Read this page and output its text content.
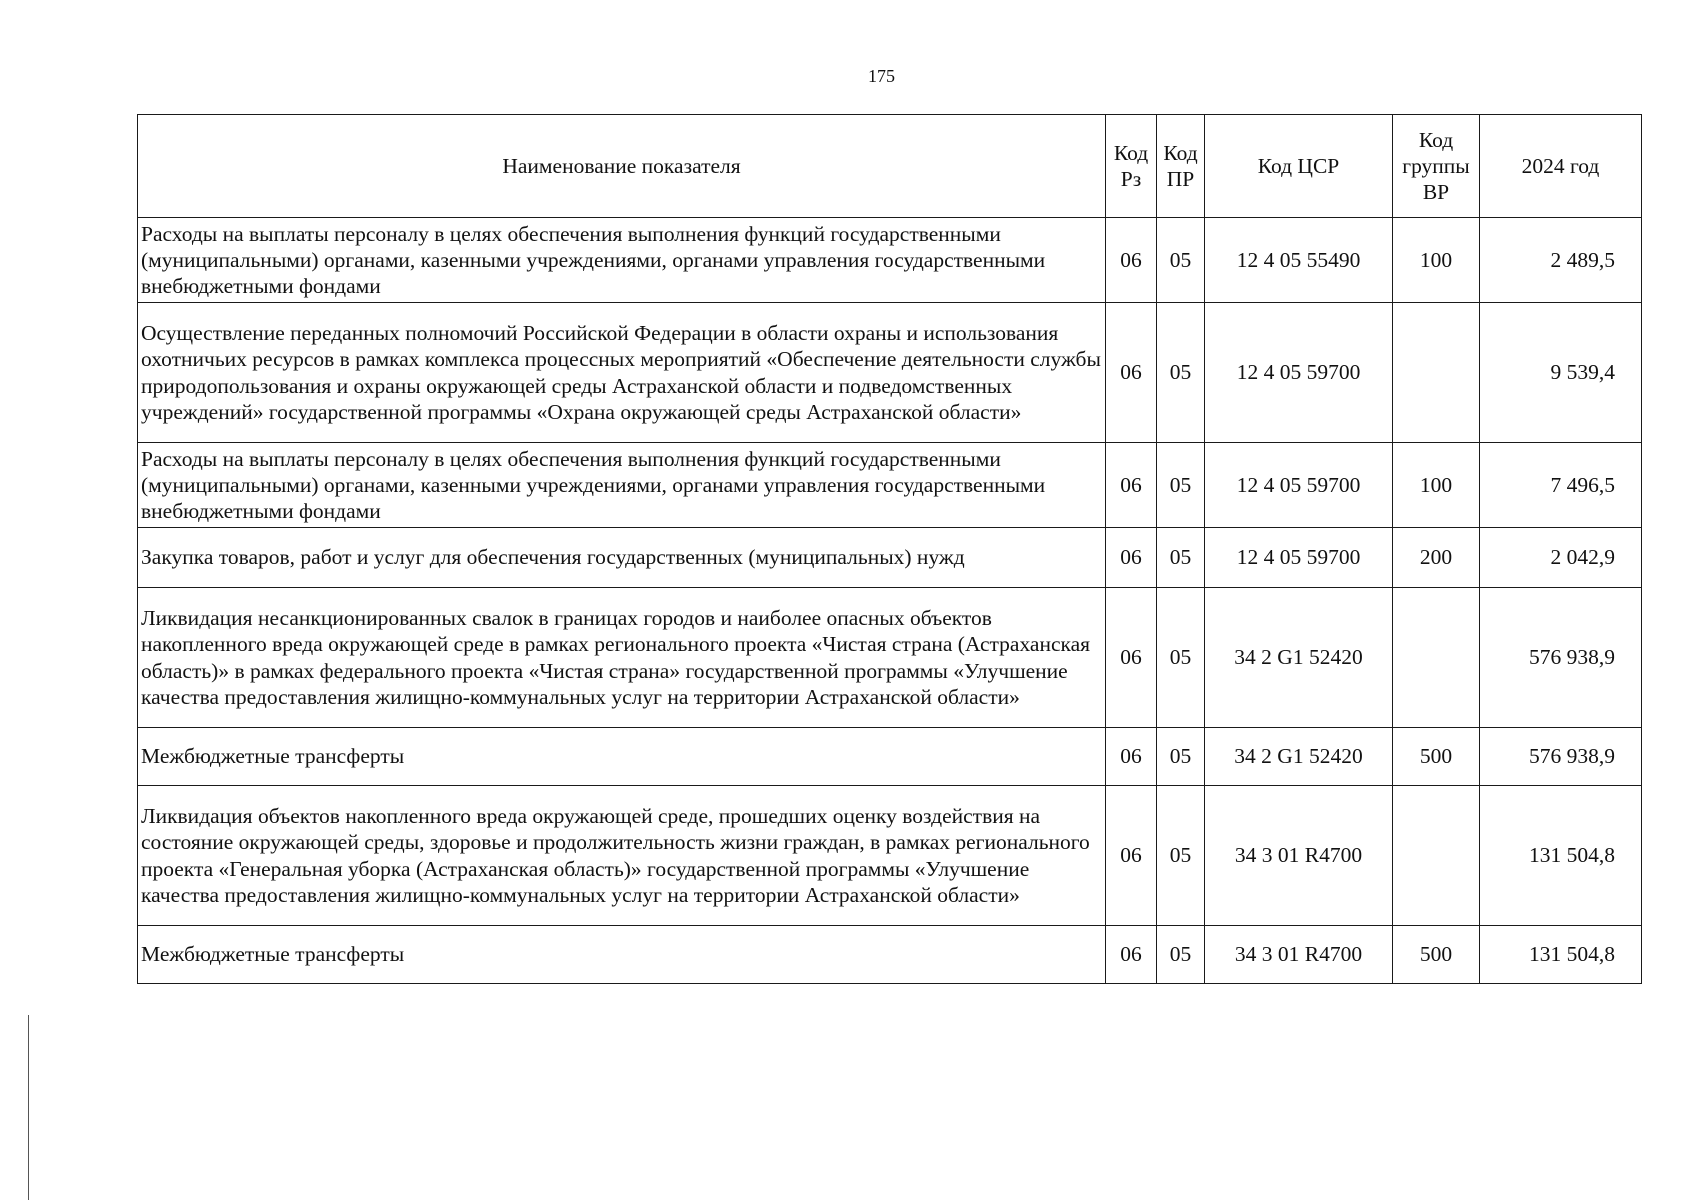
175
Наименование показателя	Код Рз	Код ПР	Код ЦСР	Код группы ВР	2024 год
Расходы на выплаты персоналу в целях обеспечения выполнения функций государственными (муниципальными) органами, казенными учреждениями, органами управления государственными внебюджетными фондами	06	05	12 4 05 55490	100	2 489,5
Осуществление переданных полномочий Российской Федерации в области охраны и использования охотничьих ресурсов в рамках комплекса процессных мероприятий «Обеспечение деятельности службы природопользования и охраны окружающей среды Астраханской области и подведомственных учреждений» государственной программы «Охрана окружающей среды Астраханской области»	06	05	12 4 05 59700		9 539,4
Расходы на выплаты персоналу в целях обеспечения выполнения функций государственными (муниципальными) органами, казенными учреждениями, органами управления государственными внебюджетными фондами	06	05	12 4 05 59700	100	7 496,5
Закупка товаров, работ и услуг для обеспечения государственных (муниципальных) нужд	06	05	12 4 05 59700	200	2 042,9
Ликвидация несанкционированных свалок в границах городов и наиболее опасных объектов накопленного вреда окружающей среде в рамках регионального проекта «Чистая страна (Астраханская область)» в рамках федерального проекта «Чистая страна» государственной программы «Улучшение качества предоставления жилищно-коммунальных услуг на территории Астраханской области»	06	05	34 2 G1 52420		576 938,9
Межбюджетные трансферты	06	05	34 2 G1 52420	500	576 938,9
Ликвидация объектов накопленного вреда окружающей среде, прошедших оценку воздействия на состояние окружающей среды, здоровье и продолжительность жизни граждан, в рамках регионального проекта «Генеральная уборка (Астраханская область)» государственной программы «Улучшение качества предоставления жилищно-коммунальных услуг на территории Астраханской области»	06	05	34 3 01 R4700		131 504,8
Межбюджетные трансферты	06	05	34 3 01 R4700	500	131 504,8
